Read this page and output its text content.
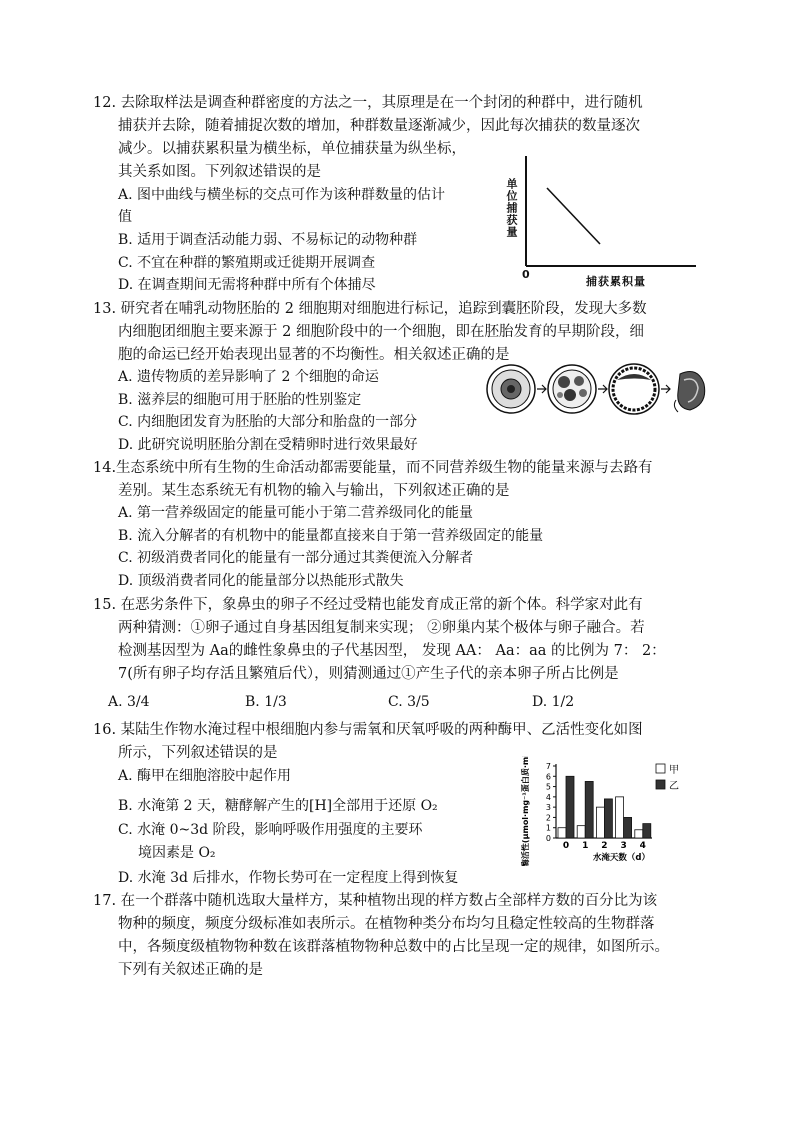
12. 去除取样法是调查种群密度的方法之一，其原理是在一个封闭的种群中，进行随机
捕获并去除，随着捕捉次数的增加，种群数量逐渐减少，因此每次捕获的数量逐次
减少。以捕获累积量为横坐标，单位捕获量为纵坐标，
其关系如图。下列叙述错误的是
A. 图中曲线与横坐标的交点可作为该种群数量的估计
值
B. 适用于调查活动能力弱、不易标记的动物种群
C. 不宜在种群的繁殖期或迁徙期开展调查
D. 在调查期间无需将种群中所有个体捕尽
单位捕获量
0
捕获累积量
13. 研究者在哺乳动物胚胎的 2 细胞期对细胞进行标记，追踪到囊胚阶段，发现大多数
内细胞团细胞主要来源于 2 细胞阶段中的一个细胞，即在胚胎发育的早期阶段，细
胞的命运已经开始表现出显著的不均衡性。相关叙述正确的是
A. 遗传物质的差异影响了 2 个细胞的命运
B. 滋养层的细胞可用于胚胎的性别鉴定
C. 内细胞团发育为胚胎的大部分和胎盘的一部分
D. 此研究说明胚胎分割在受精卵时进行效果最好
14.生态系统中所有生物的生命活动都需要能量，而不同营养级生物的能量来源与去路有
差别。某生态系统无有机物的输入与输出，下列叙述正确的是
A. 第一营养级固定的能量可能小于第二营养级同化的能量
B. 流入分解者的有机物中的能量都直接来自于第一营养级固定的能量
C. 初级消费者同化的能量有一部分通过其粪便流入分解者
D. 顶级消费者同化的能量部分以热能形式散失
15. 在恶劣条件下，象鼻虫的卵子不经过受精也能发育成正常的新个体。科学家对此有
两种猜测：①卵子通过自身基因组复制来实现； ②卵巢内某个极体与卵子融合。若
检测基因型为 Aa的雌性象鼻虫的子代基因型， 发现 AA： Aa：aa 的比例为 7： 2：
7(所有卵子均存活且繁殖后代），则猜测通过①产生子代的亲本卵子所占比例是
A. 3/4	B. 1/3	C. 3/5	D. 1/2
16. 某陆生作物水淹过程中根细胞内参与需氧和厌氧呼吸的两种酶甲、乙活性变化如图
所示，下列叙述错误的是
A. 酶甲在细胞溶胶中起作用
B. 水淹第 2 天，糖酵解产生的[H]全部用于还原 O₂
C. 水淹 0~3d 阶段，影响呼吸作用强度的主要环
境因素是 O₂
D. 水淹 3d 后排水，作物长势可在一定程度上得到恢复
0
1
2
3
4
5
6
7
0 1 2 3 4
水淹天数（d）
酶活性(μmol·mg⁻¹蛋白质·min⁻¹)	甲
乙
17. 在一个群落中随机选取大量样方，某种植物出现的样方数占全部样方数的百分比为该
物种的频度，频度分级标准如表所示。在植物种类分布均匀且稳定性较高的生物群落
中，各频度级植物物种数在该群落植物物种总数中的占比呈现一定的规律，如图所示。
下列有关叙述正确的是
